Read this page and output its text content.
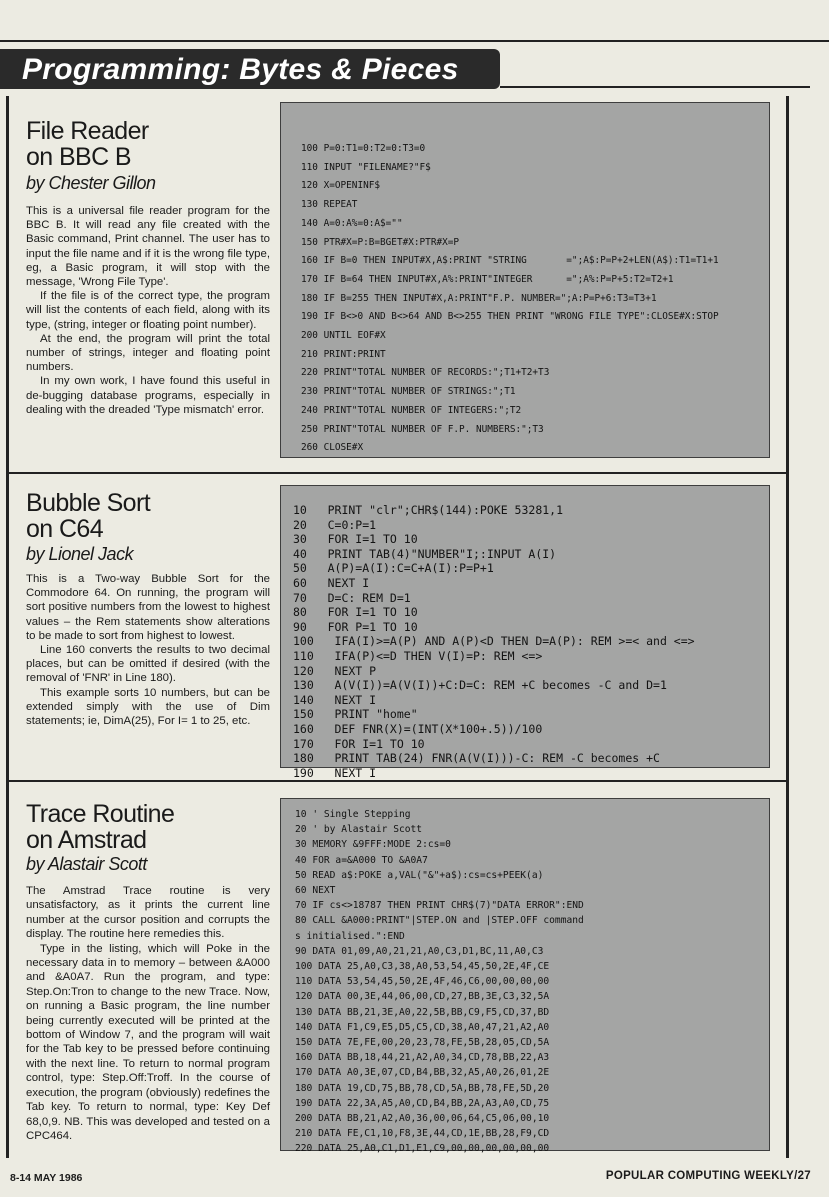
Programming: Bytes & Pieces
File Reader
on BBC B
by Chester Gillon

This is a universal file reader program for the BBC B. It will read any file created with the Basic command, Print channel. The user has to input the file name and if it is the wrong file type, eg, a Basic program, it will stop with the message, 'Wrong File Type'.

If the file is of the correct type, the program will list the contents of each field, along with its type, (string, integer or floating point number).

At the end, the program will print the total number of strings, integer and floating point numbers.

In my own work, I have found this useful in de-bugging database programs, especially in dealing with the dreaded 'Type mismatch' error.

100 P=0:T1=0:T2=0:T3=0
110 INPUT "FILENAME?"F$
120 X=OPENINF$
130 REPEAT
140 A=0:A%=0:A$=""
150 PTR#X=P:B=BGET#X:PTR#X=P
160 IF B=0 THEN INPUT#X,A$:PRINT "STRING       =";A$:P=P+2+LEN(A$):T1=T1+1
170 IF B=64 THEN INPUT#X,A%:PRINT"INTEGER      =";A%:P=P+5:T2=T2+1
180 IF B=255 THEN INPUT#X,A:PRINT"F.P. NUMBER=";A:P=P+6:T3=T3+1
190 IF B<>0 AND B<>64 AND B<>255 THEN PRINT "WRONG FILE TYPE":CLOSE#X:STOP
200 UNTIL EOF#X
210 PRINT:PRINT
220 PRINT"TOTAL NUMBER OF RECORDS:";T1+T2+T3
230 PRINT"TOTAL NUMBER OF STRINGS:";T1
240 PRINT"TOTAL NUMBER OF INTEGERS:";T2
250 PRINT"TOTAL NUMBER OF F.P. NUMBERS:";T3
260 CLOSE#X
Bubble Sort
on C64
by Lionel Jack

This is a Two-way Bubble Sort for the Commodore 64. On running, the program will sort positive numbers from the lowest to highest values – the Rem statements show alterations to be made to sort from highest to lowest.

Line 160 converts the results to two decimal places, but can be omitted if desired (with the removal of 'FNR' in Line 180).

This example sorts 10 numbers, but can be extended simply with the use of Dim statements; ie, DimA(25), For I= 1 to 25, etc.

10   PRINT "clr";CHR$(144):POKE 53281,1
20   C=0:P=1
30   FOR I=1 TO 10
40   PRINT TAB(4)"NUMBER"I;:INPUT A(I)
50   A(P)=A(I):C=C+A(I):P=P+1
60   NEXT I
70   D=C: REM D=1
80   FOR I=1 TO 10
90   FOR P=1 TO 10
100   IFA(I)>=A(P) AND A(P)<D THEN D=A(P): REM >=< and <=>
110   IFA(P)<=D THEN V(I)=P: REM <=>
120   NEXT P
130   A(V(I))=A(V(I))+C:D=C: REM +C becomes -C and D=1
140   NEXT I
150   PRINT "home"
160   DEF FNR(X)=(INT(X*100+.5))/100
170   FOR I=1 TO 10
180   PRINT TAB(24) FNR(A(V(I)))-C: REM -C becomes +C
190   NEXT I
Trace Routine
on Amstrad
by Alastair Scott

The Amstrad Trace routine is very unsatisfactory, as it prints the current line number at the cursor position and corrupts the display. The routine here remedies this.

Type in the listing, which will Poke in the necessary data in to memory – between &A000 and &A0A7. Run the program, and type: Step.On:Tron to change to the new Trace. Now, on running a Basic program, the line number being currently executed will be printed at the bottom of Window 7, and the program will wait for the Tab key to be pressed before continuing with the next line. To return to normal program control, type: Step.Off:Troff. In the course of execution, the program (obviously) redefines the Tab key. To return to normal, type: Key Def 68,0,9. NB. This was developed and tested on a CPC464.

10 ' Single Stepping
20 ' by Alastair Scott
30 MEMORY &9FFF:MODE 2:cs=0
40 FOR a=&A000 TO &A0A7
50 READ a$:POKE a,VAL("&"+a$):cs=cs+PEEK(a)
60 NEXT
70 IF cs<>18787 THEN PRINT CHR$(7)"DATA ERROR":END
80 CALL &A000:PRINT"|STEP.ON and |STEP.OFF command
s initialised.":END
90 DATA 01,09,A0,21,21,A0,C3,D1,BC,11,A0,C3
100 DATA 25,A0,C3,38,A0,53,54,45,50,2E,4F,CE
110 DATA 53,54,45,50,2E,4F,46,C6,00,00,00,00
120 DATA 00,3E,44,06,00,CD,27,BB,3E,C3,32,5A
130 DATA BB,21,3E,A0,22,5B,BB,C9,F5,CD,37,BD
140 DATA F1,C9,E5,D5,C5,CD,38,A0,47,21,A2,A0
150 DATA 7E,FE,00,20,23,78,FE,5B,28,05,CD,5A
160 DATA BB,18,44,21,A2,A0,34,CD,78,BB,22,A3
170 DATA A0,3E,07,CD,B4,BB,32,A5,A0,26,01,2E
180 DATA 19,CD,75,BB,78,CD,5A,BB,78,FE,5D,20
190 DATA 22,3A,A5,A0,CD,B4,BB,2A,A3,A0,CD,75
200 DATA BB,21,A2,A0,36,00,06,64,C5,06,00,10
210 DATA FE,C1,10,F8,3E,44,CD,1E,BB,28,F9,CD
220 DATA 25,A0,C1,D1,E1,C9,00,00,00,00,00,00
8-14 MAY 1986	POPULAR COMPUTING WEEKLY/27
